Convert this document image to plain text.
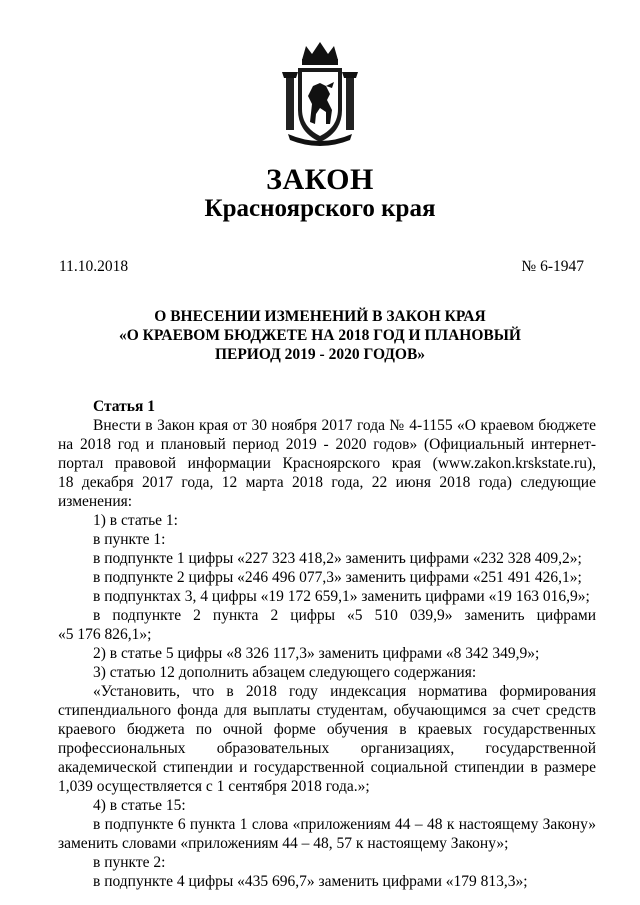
ЗАКОН
Красноярского края
11.10.2018	№ 6-1947
О ВНЕСЕНИИ ИЗМЕНЕНИЙ В ЗАКОН КРАЯ
«О КРАЕВОМ БЮДЖЕТЕ НА 2018 ГОД И ПЛАНОВЫЙ
ПЕРИОД 2019 - 2020 ГОДОВ»
Статья 1
Внести в Закон края от 30 ноября 2017 года № 4-1155 «О краевом бюджете
на 2018 год и плановый период 2019 - 2020 годов» (Официальный интернет-
портал правовой информации Красноярского края (www.zakon.krskstate.ru),
18 декабря 2017 года, 12 марта 2018 года, 22 июня 2018 года) следующие
изменения:
1) в статье 1:
в пункте 1:
в подпункте 1 цифры «227 323 418,2» заменить цифрами «232 328 409,2»;
в подпункте 2 цифры «246 496 077,3» заменить цифрами «251 491 426,1»;
в подпунктах 3, 4 цифры «19 172 659,1» заменить цифрами «19 163 016,9»;
в подпункте 2 пункта 2 цифры «5 510 039,9» заменить цифрами
«5 176 826,1»;
2) в статье 5 цифры «8 326 117,3» заменить цифрами «8 342 349,9»;
3) статью 12 дополнить абзацем следующего содержания:
«Установить, что в 2018 году индексация норматива формирования
стипендиального фонда для выплаты студентам, обучающимся за счет средств
краевого бюджета по очной форме обучения в краевых государственных
профессиональных образовательных организациях, государственной
академической стипендии и государственной социальной стипендии в размере
1,039 осуществляется с 1 сентября 2018 года.»;
4) в статье 15:
в подпункте 6 пункта 1 слова «приложениям 44 – 48 к настоящему Закону»
заменить словами «приложениям 44 – 48, 57 к настоящему Закону»;
в пункте 2:
в подпункте 4 цифры «435 696,7» заменить цифрами «179 813,3»;
